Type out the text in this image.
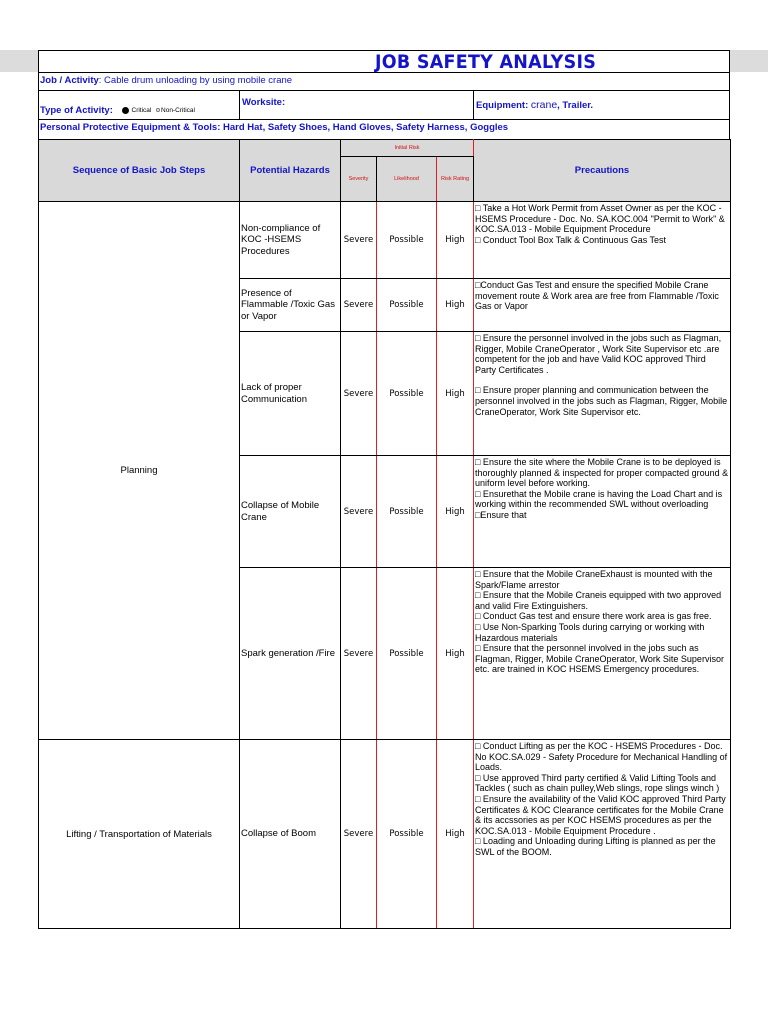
JOB SAFETY ANALYSIS
Job / Activity: Cable drum unloading by using mobile crane
Type of Activity:	Critical Non-Critical
Worksite:	Equipment: crane, Trailer.
Personal Protective Equipment & Tools: Hard Hat, Safety Shoes, Hand Gloves, Safety Harness, Goggles
Sequence of Basic Job Steps	Potential Hazards	Initial Risk			Precautions
		Severity	Likelihood	Risk Rating	
Planning	Non-compliance of KOC -HSEMS Procedures	Severe	Possible	High	□ Take a Hot Work Permit from Asset Owner as per the KOC - HSEMS Procedure - Doc. No. SA.KOC.004 "Permit to Work" & KOC.SA.013 - Mobile Equipment Procedure
□ Conduct Tool Box Talk & Continuous Gas Test

	Presence of Flammable /Toxic Gas or Vapor	Severe	Possible	High	□Conduct Gas Test and ensure the specified Mobile Crane movement route & Work area are free from Flammable /Toxic Gas or Vapor

	Lack of proper Communication	Severe	Possible	High	□ Ensure the personnel involved in the jobs such as Flagman, Rigger, Mobile CraneOperator , Work Site Supervisor etc .are competent for the job and have Valid KOC approved Third Party Certificates .
□ Ensure proper planning and communication between the personnel involved in the jobs such as Flagman, Rigger, Mobile CraneOperator, Work Site Supervisor etc.

	Collapse of Mobile Crane	Severe	Possible	High	□ Ensure the site where the Mobile Crane is to be deployed is thoroughly planned & inspected for proper compacted ground & uniform level before working.
□ Ensurethat the Mobile crane is having the Load Chart and is working within the recommended SWL without overloading
□Ensure that

	Spark generation /Fire	Severe	Possible	High	□ Ensure that the Mobile CraneExhaust is mounted with the Spark/Flame arrestor
□ Ensure that the Mobile Craneis equipped with two approved and valid Fire Extinguishers.
□ Conduct Gas test and ensure there work area is gas free.
□ Use Non-Sparking Tools during carrying or working with Hazardous materials
□ Ensure that the personnel involved in the jobs such as Flagman, Rigger, Mobile CraneOperator, Work Site Supervisor etc. are trained in KOC HSEMS Emergency procedures.

Lifting / Transportation of Materials	Collapse of Boom	Severe	Possible	High	□ Conduct Lifting as per the KOC - HSEMS Procedures - Doc. No KOC.SA.029 - Safety Procedure for Mechanical Handling of Loads.
□ Use approved Third party certified & Valid Lifting Tools and Tackles ( such as chain pulley,Web slings, rope slings winch )
□ Ensure the availability of the Valid KOC approved Third Party Certificates & KOC Clearance certificates for the Mobile Crane & its accssories as per KOC HSEMS procedures as per the KOC.SA.013 - Mobile Equipment Procedure .
□ Loading and Unloading during Lifting is planned as per the SWL of the BOOM.
